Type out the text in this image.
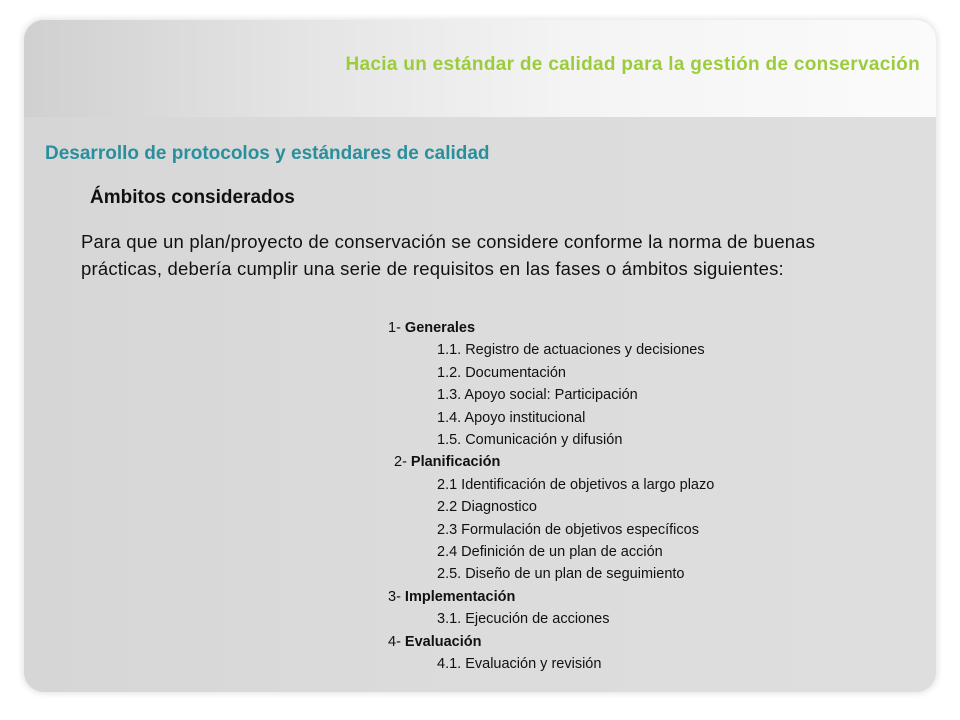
Hacia un estándar de calidad para la gestión de conservación
Desarrollo de protocolos y estándares de calidad
Ámbitos considerados
Para que un plan/proyecto de conservación se considere conforme la norma de buenas prácticas, debería cumplir una serie de requisitos en las fases o ámbitos siguientes:
1- Generales
1.1. Registro de actuaciones y decisiones
1.2. Documentación
1.3. Apoyo social: Participación
1.4. Apoyo institucional
1.5. Comunicación y difusión
2- Planificación
2.1 Identificación de objetivos a largo plazo
2.2 Diagnostico
2.3 Formulación de objetivos específicos
2.4 Definición de un plan de acción
2.5. Diseño de un plan de seguimiento
3- Implementación
3.1. Ejecución de acciones
4- Evaluación
4.1. Evaluación y revisión
